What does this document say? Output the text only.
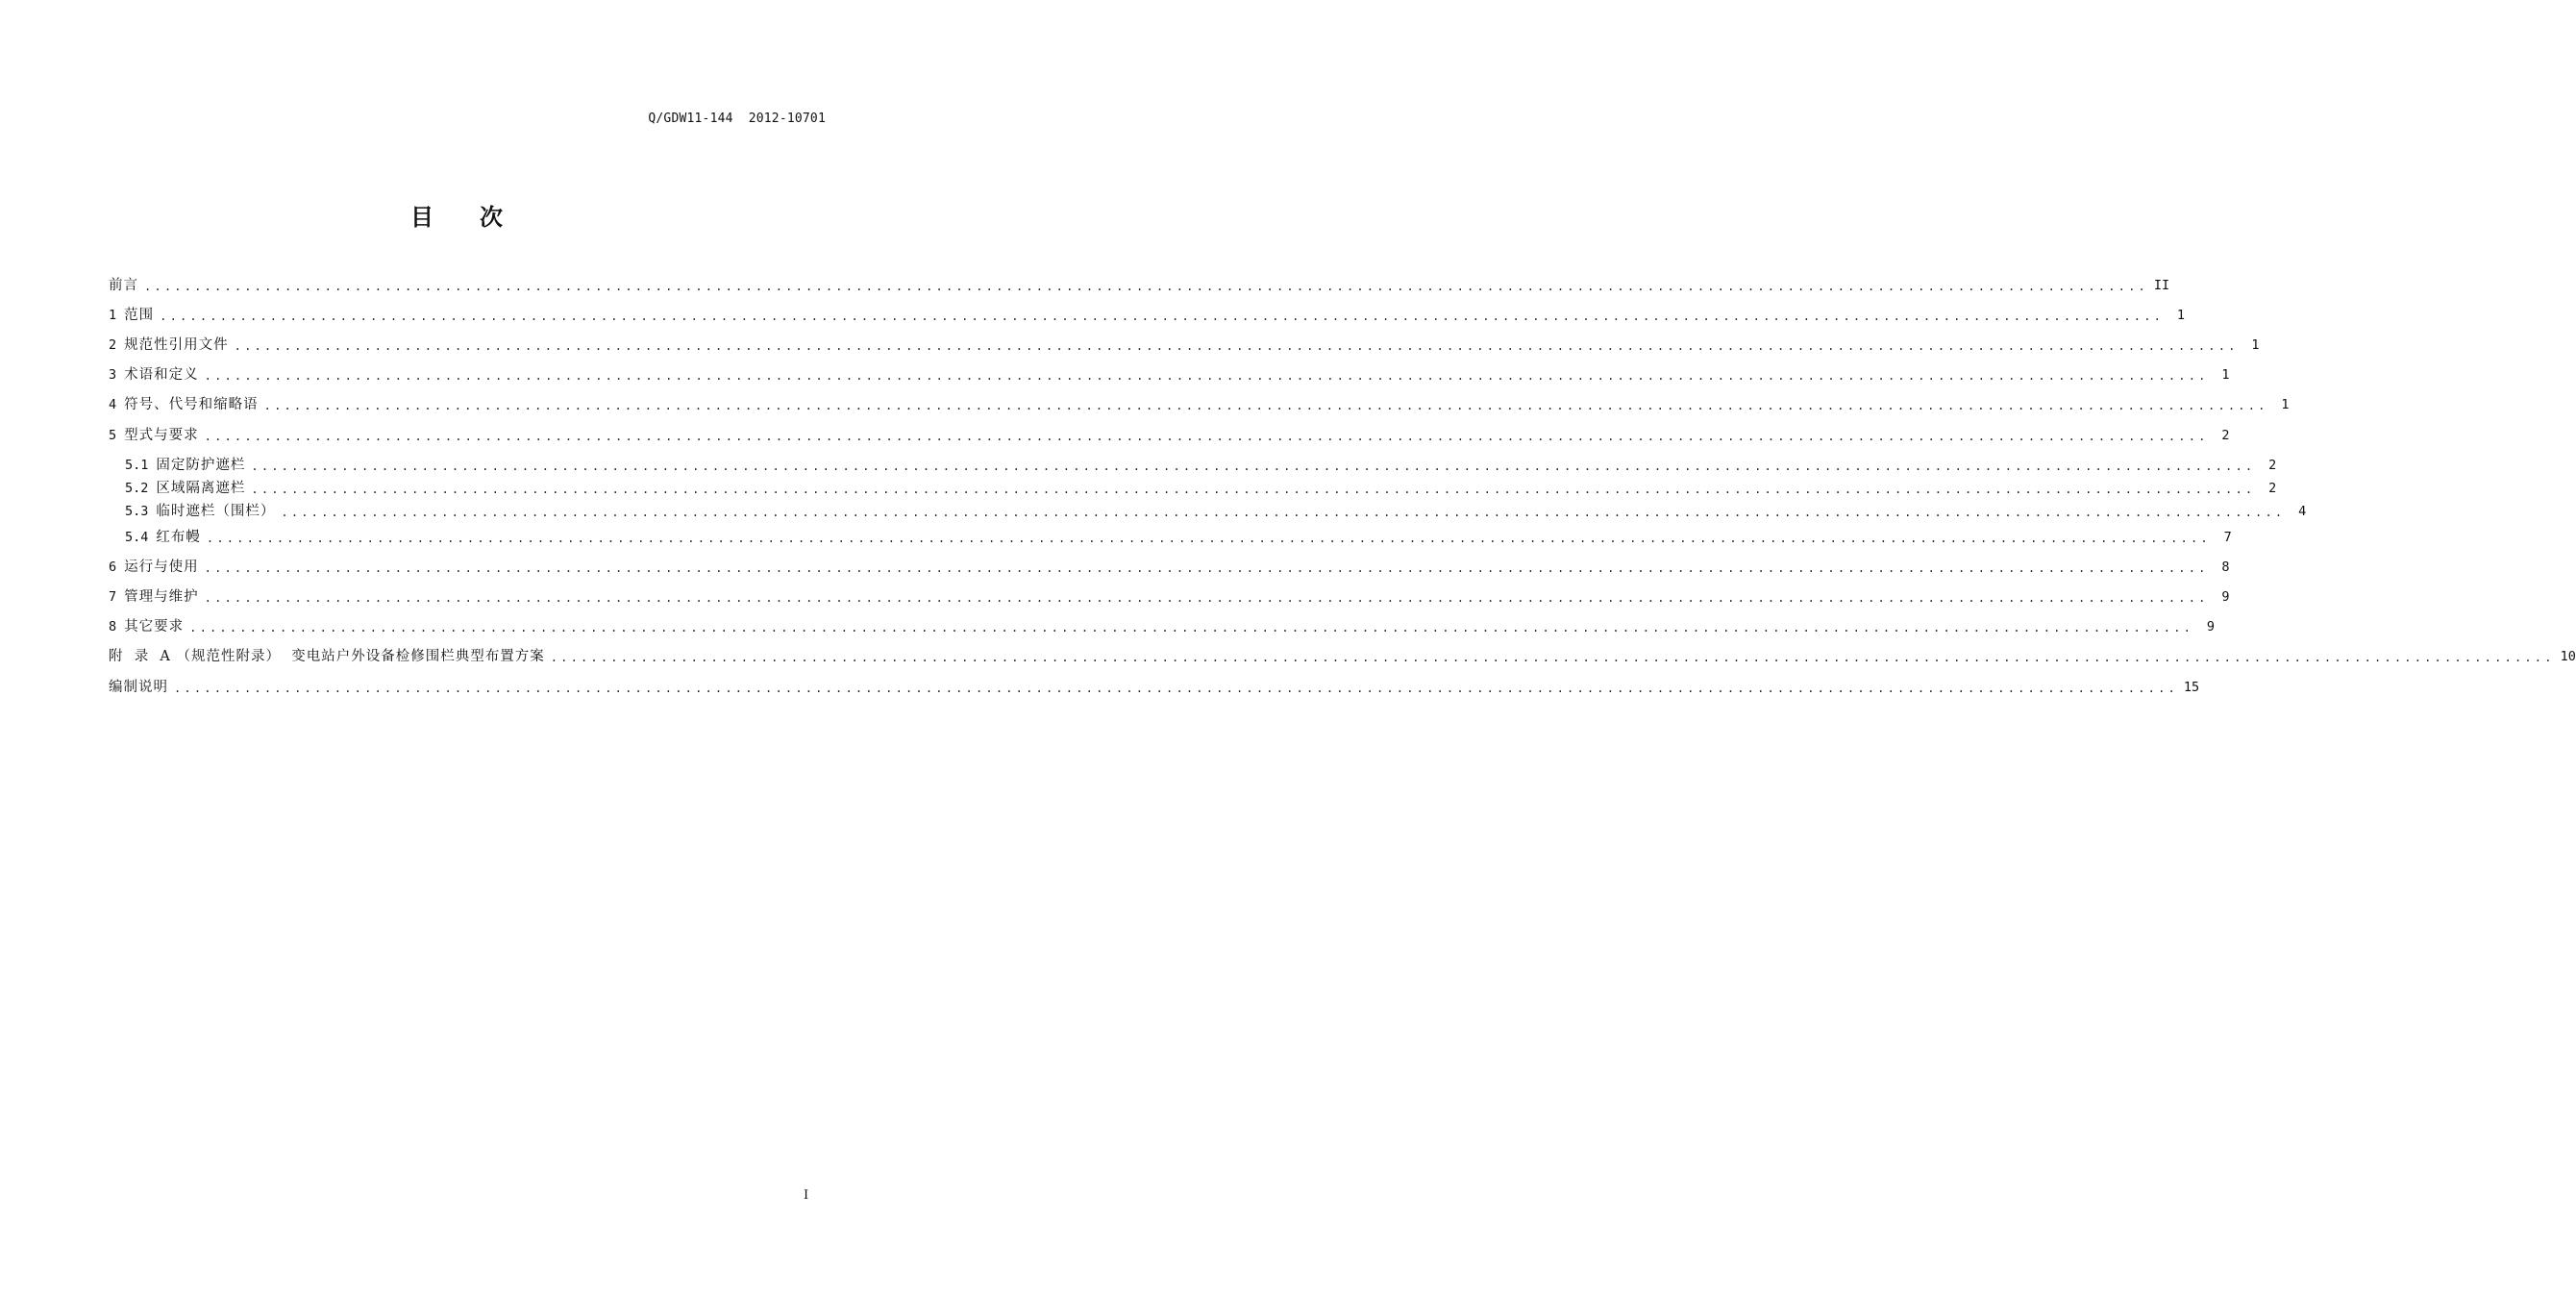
Q/GDW11-144  2012-10701
目次
前言 ........................................................................................................................................................................................................ II
1 范围 ........................................................................................................................................................................................................	1
2 规范性引用文件 ........................................................................................................................................................................................................	1
3 术语和定义 ........................................................................................................................................................................................................	1
4 符号、代号和缩略语 ........................................................................................................................................................................................................	1
5 型式与要求 ........................................................................................................................................................................................................	2
5.1 固定防护遮栏 ........................................................................................................................................................................................................	2
5.2 区域隔离遮栏 ........................................................................................................................................................................................................	2
5.3 临时遮栏（围栏） ........................................................................................................................................................................................................	4
5.4 红布幔 ........................................................................................................................................................................................................	7
6 运行与使用 ........................................................................................................................................................................................................	8
7 管理与维护 ........................................................................................................................................................................................................	9
8 其它要求 ........................................................................................................................................................................................................	9
附  录  A （规范性附录）  变电站户外设备检修围栏典型布置方案 ........................................................................................................................................................................................................ 10
编制说明 ........................................................................................................................................................................................................ 15
I
